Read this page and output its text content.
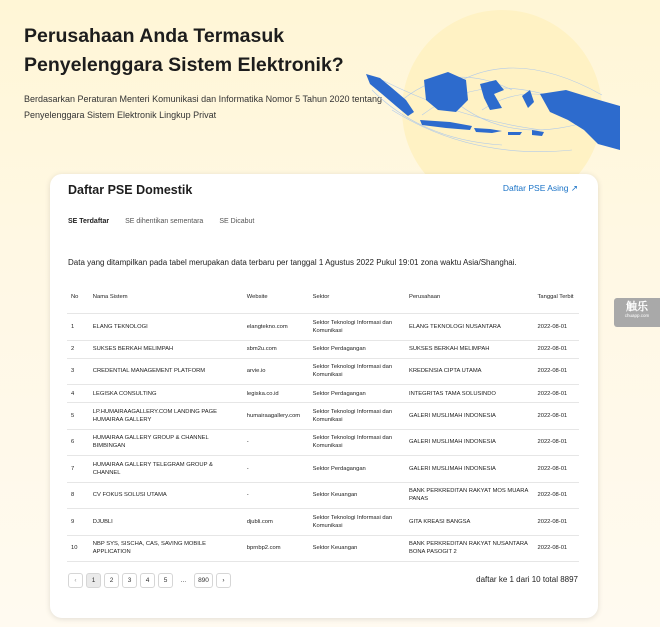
Perusahaan Anda Termasuk Penyelenggara Sistem Elektronik?

Berdasarkan Peraturan Menteri Komunikasi dan Informatika Nomor 5 Tahun 2020 tentang Penyelenggara Sistem Elektronik Lingkup Privat

Daftar PSE Domestik	Daftar PSE Asing ↗
SE Terdaftar SE dihentikan sementara SE Dicabut
Data yang ditampilkan pada tabel merupakan data terbaru per tanggal 1 Agustus 2022 Pukul 19:01 zona waktu Asia/Shanghai.
No	Nama Sistem	Website	Sektor	Perusahaan	Tanggal Terbit
1	ELANG TEKNOLOGI	elangtekno.com	Sektor Teknologi Informasi dan Komunikasi	ELANG TEKNOLOGI NUSANTARA	2022-08-01
2	SUKSES BERKAH MELIMPAH	sbm2u.com	Sektor Perdagangan	SUKSES BERKAH MELIMPAH	2022-08-01
3	CREDENTIAL MANAGEMENT PLATFORM	arvie.io	Sektor Teknologi Informasi dan Komunikasi	KREDENSIA CIPTA UTAMA	2022-08-01
4	LEGISKA CONSULTING	legiska.co.id	Sektor Perdagangan	INTEGRITAS TAMA SOLUSINDO	2022-08-01
5	LP.HUMAIRAAGALLERY.COM LANDING PAGE HUMAIRAA GALLERY	humairaagallery.com	Sektor Teknologi Informasi dan Komunikasi	GALERI MUSLIMAH INDONESIA	2022-08-01
6	HUMAIRAA GALLERY GROUP & CHANNEL BIMBINGAN	-	Sektor Teknologi Informasi dan Komunikasi	GALERI MUSLIMAH INDONESIA	2022-08-01
7	HUMAIRAA GALLERY TELEGRAM GROUP & CHANNEL	-	Sektor Perdagangan	GALERI MUSLIMAH INDONESIA	2022-08-01
8	CV FOKUS SOLUSI UTAMA	-	Sektor Keuangan	BANK PERKREDITAN RAKYAT MOS MUARA PANAS	2022-08-01
9	DJUBLI	djubli.com	Sektor Teknologi Informasi dan Komunikasi	GITA KREASI BANGSA	2022-08-01
10	NBP SYS, SISCHA, CAS, SAVING MOBILE APPLICATION	bprnbp2.com	Sektor Keuangan	BANK PERKREDITAN RAKYAT NUSANTARA BONA PASOGIT 2	2022-08-01
‹	1	2	3	4	5	...	890	›	daftar ke 1 dari 10 total 8897
触乐
chuapp.com
